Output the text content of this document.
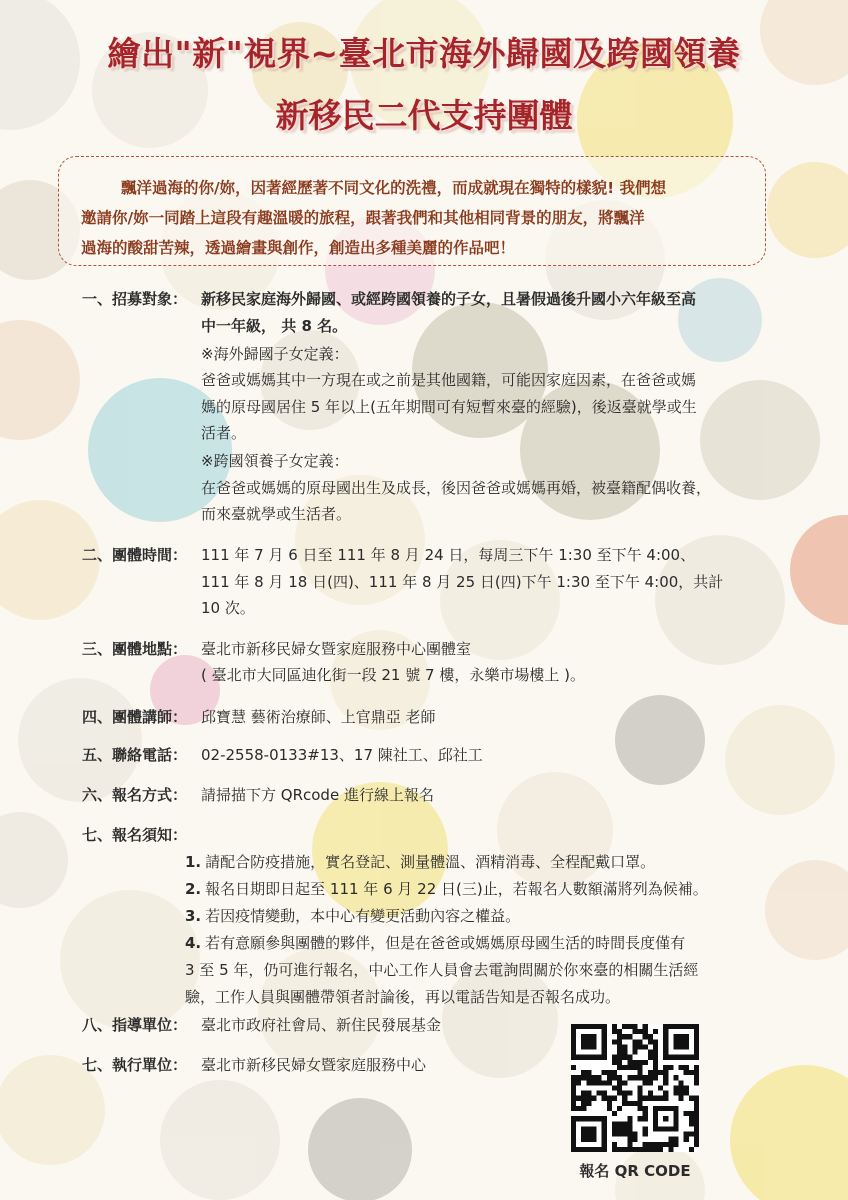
繪出"新"視界~臺北市海外歸國及跨國領養
新移民二代支持團體
飄洋過海的你/妳，因著經歷著不同文化的洗禮，而成就現在獨特的樣貌! 我們想
邀請你/妳一同踏上這段有趣溫暖的旅程，跟著我們和其他相同背景的朋友，將飄洋
過海的酸甜苦辣，透過繪畫與創作，創造出多種美麗的作品吧！
一、招募對象： 新移民家庭海外歸國、或經跨國領養的子女，且暑假過後升國小六年級至高
中一年級， 共 8 名。
※海外歸國子女定義：
爸爸或媽媽其中一方現在或之前是其他國籍，可能因家庭因素，在爸爸或媽
媽的原母國居住 5 年以上(五年期間可有短暫來臺的經驗)，後返臺就學或生
活者。
※跨國領養子女定義：
在爸爸或媽媽的原母國出生及成長，後因爸爸或媽媽再婚，被臺籍配偶收養，
而來臺就學或生活者。
二、團體時間： 111 年 7 月 6 日至 111 年 8 月 24 日，每周三下午 1:30 至下午 4:00、
111 年 8 月 18 日(四)、111 年 8 月 25 日(四)下午 1:30 至下午 4:00，共計
10 次。
三、團體地點： 臺北市新移民婦女暨家庭服務中心團體室
( 臺北市大同區迪化街一段 21 號 7 樓，永樂市場樓上 )。
四、團體講師： 邱寶慧 藝術治療師、上官鼎亞 老師
五、聯絡電話： 02-2558-0133#13、17 陳社工、邱社工
六、報名方式： 請掃描下方 QRcode 進行線上報名
七、報名須知：
1. 請配合防疫措施，實名登記、測量體溫、酒精消毒、全程配戴口罩。
2. 報名日期即日起至 111 年 6 月 22 日(三)止，若報名人數額滿將列為候補。
3. 若因疫情變動，本中心有變更活動內容之權益。
4. 若有意願參與團體的夥伴，但是在爸爸或媽媽原母國生活的時間長度僅有
3 至 5 年，仍可進行報名，中心工作人員會去電詢問關於你來臺的相關生活經
驗，工作人員與團體帶領者討論後，再以電話告知是否報名成功。
八、指導單位： 臺北市政府社會局、新住民發展基金
七、執行單位： 臺北市新移民婦女暨家庭服務中心
報名 QR CODE
